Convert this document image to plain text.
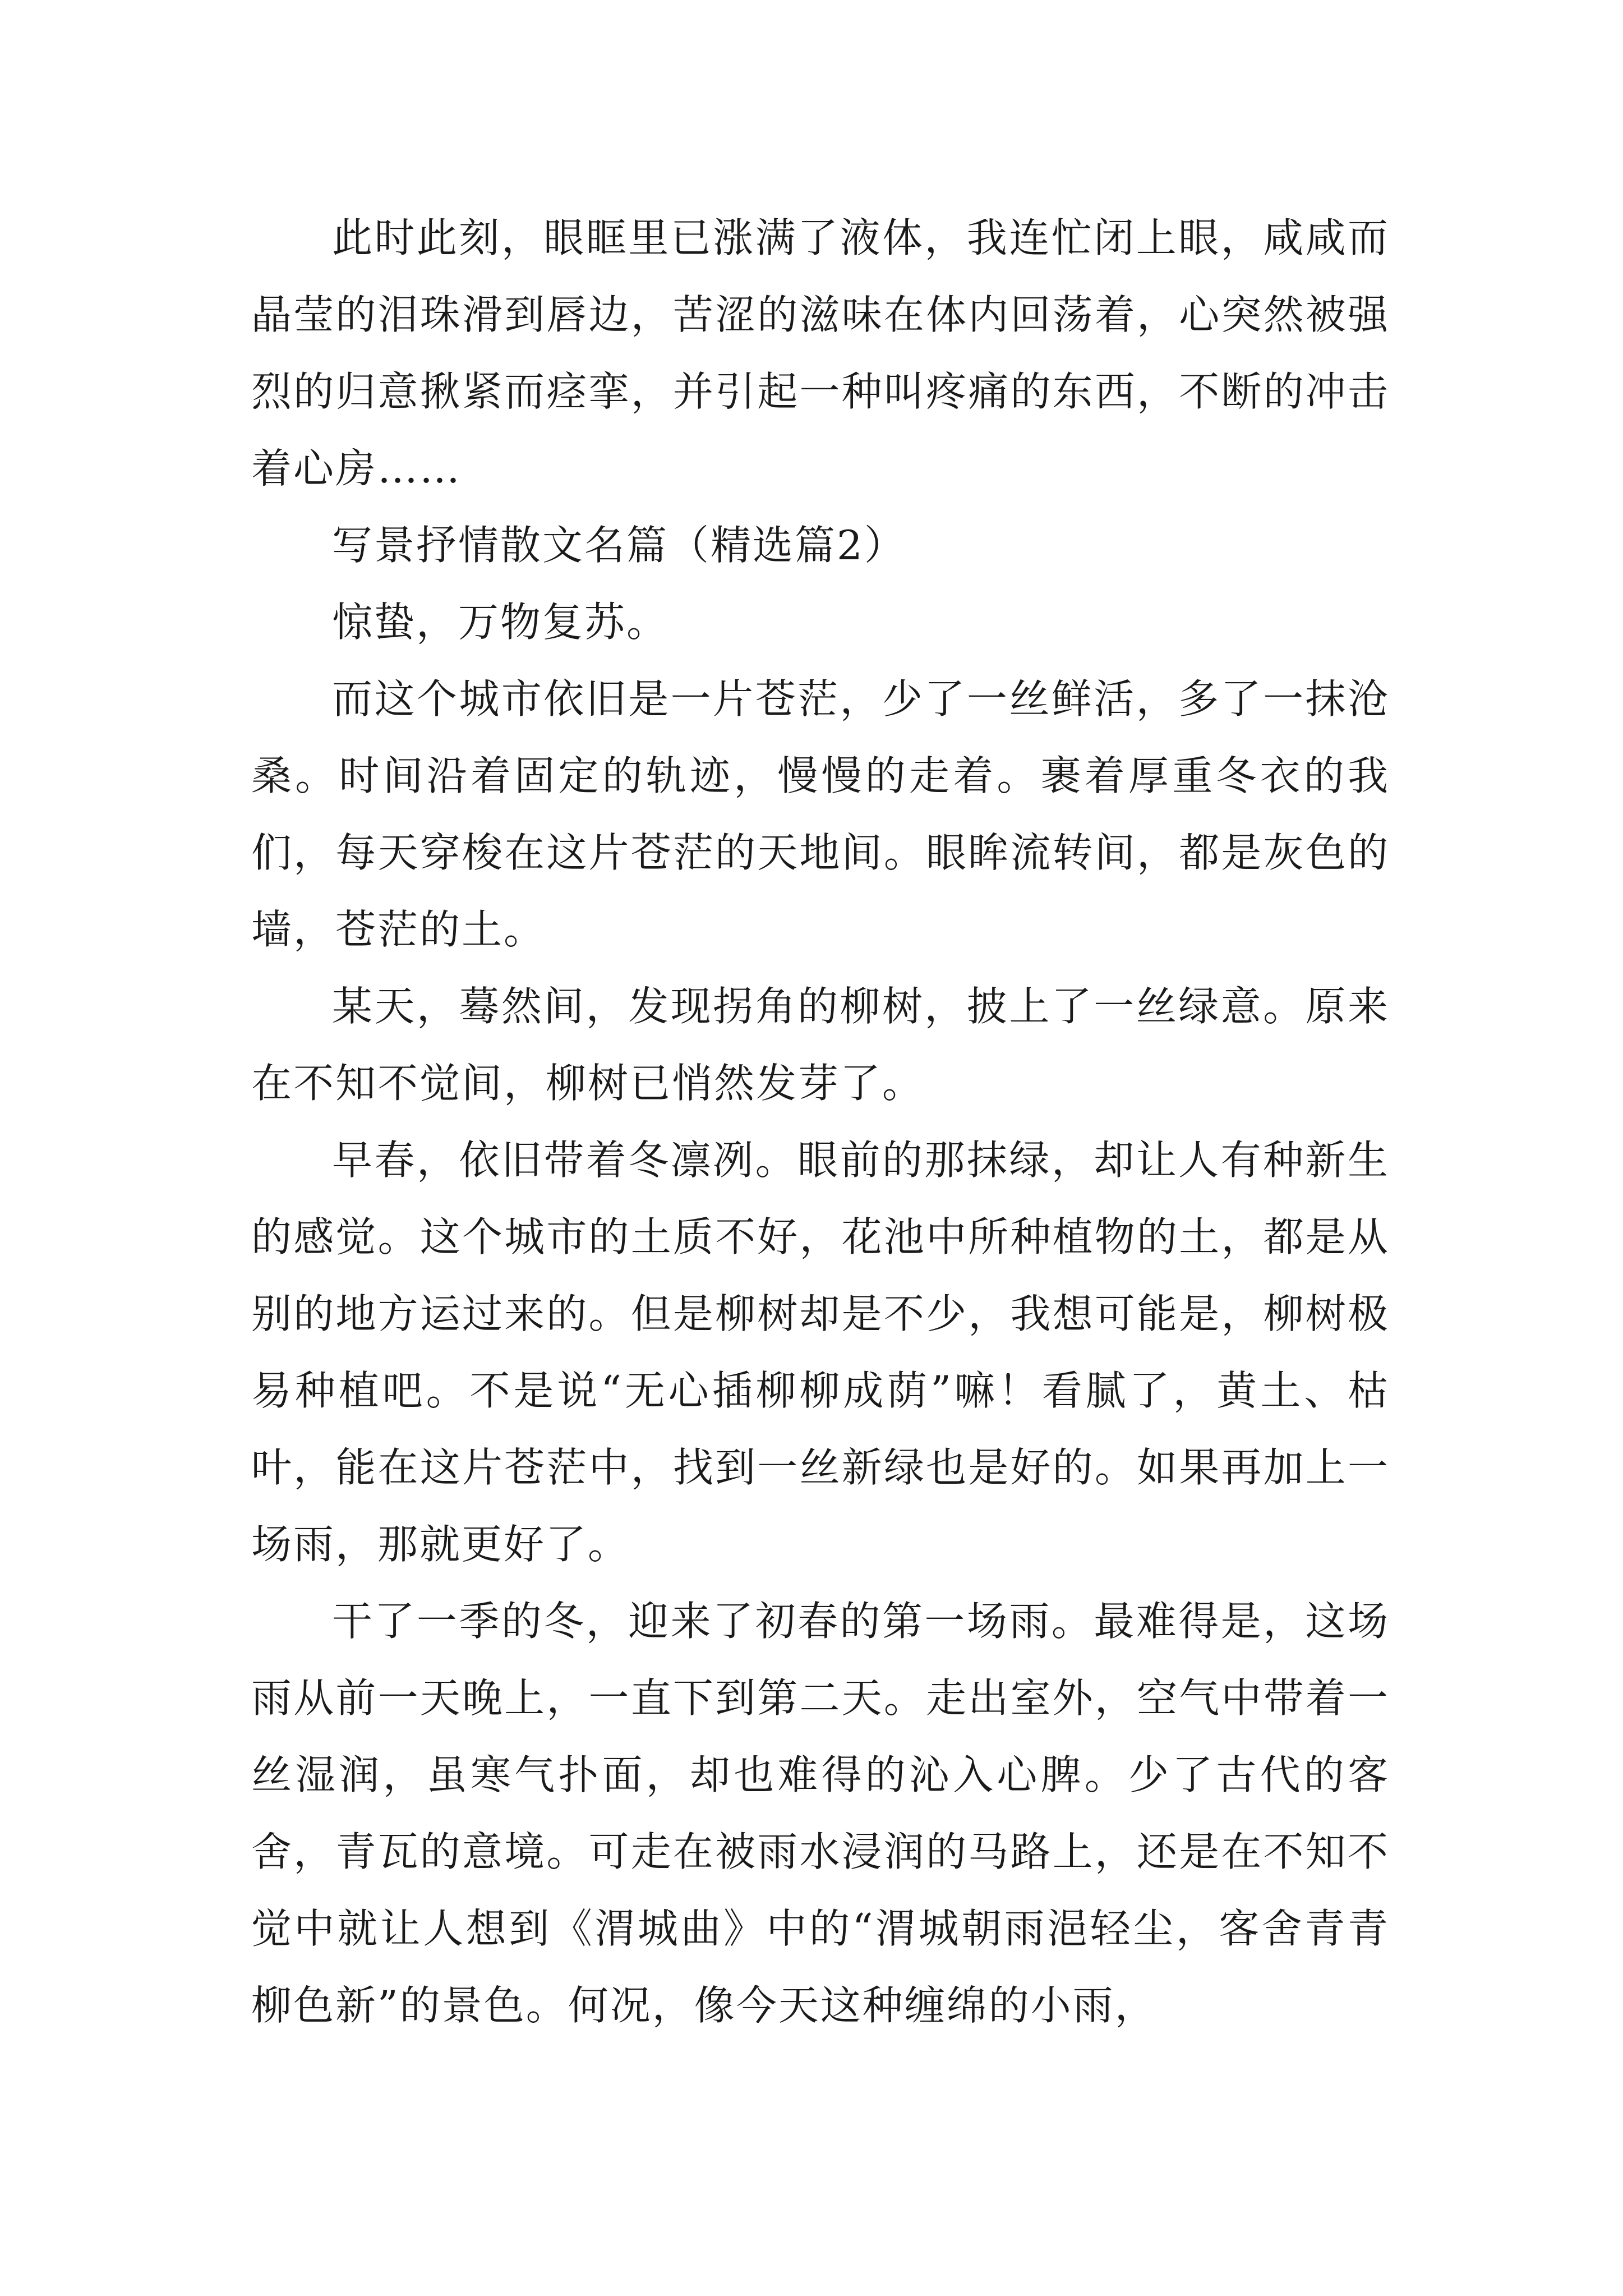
此时此刻，眼眶里已涨满了液体，我连忙闭上眼，咸咸而晶莹的泪珠滑到唇边，苦涩的滋味在体内回荡着，心突然被强烈的归意揪紧而痉挛，并引起一种叫疼痛的东西，不断的冲击着心房……

写景抒情散文名篇（精选篇2）

惊蛰，万物复苏。

而这个城市依旧是一片苍茫，少了一丝鲜活，多了一抹沧桑。时间沿着固定的轨迹，慢慢的走着。裹着厚重冬衣的我们，每天穿梭在这片苍茫的天地间。眼眸流转间，都是灰色的墙，苍茫的土。

某天，蓦然间，发现拐角的柳树，披上了一丝绿意。原来在不知不觉间，柳树已悄然发芽了。

早春，依旧带着冬凛冽。眼前的那抹绿，却让人有种新生的感觉。这个城市的土质不好，花池中所种植物的土，都是从别的地方运过来的。但是柳树却是不少，我想可能是，柳树极易种植吧。不是说“无心插柳柳成荫”嘛！看腻了，黄土、枯叶，能在这片苍茫中，找到一丝新绿也是好的。如果再加上一场雨，那就更好了。

干了一季的冬，迎来了初春的第一场雨。最难得是，这场雨从前一天晚上，一直下到第二天。走出室外，空气中带着一丝湿润，虽寒气扑面，却也难得的沁入心脾。少了古代的客舍，青瓦的意境。可走在被雨水浸润的马路上，还是在不知不觉中就让人想到《渭城曲》中的“渭城朝雨浥轻尘，客舍青青柳色新”的景色。何况，像今天这种缠绵的小雨，
